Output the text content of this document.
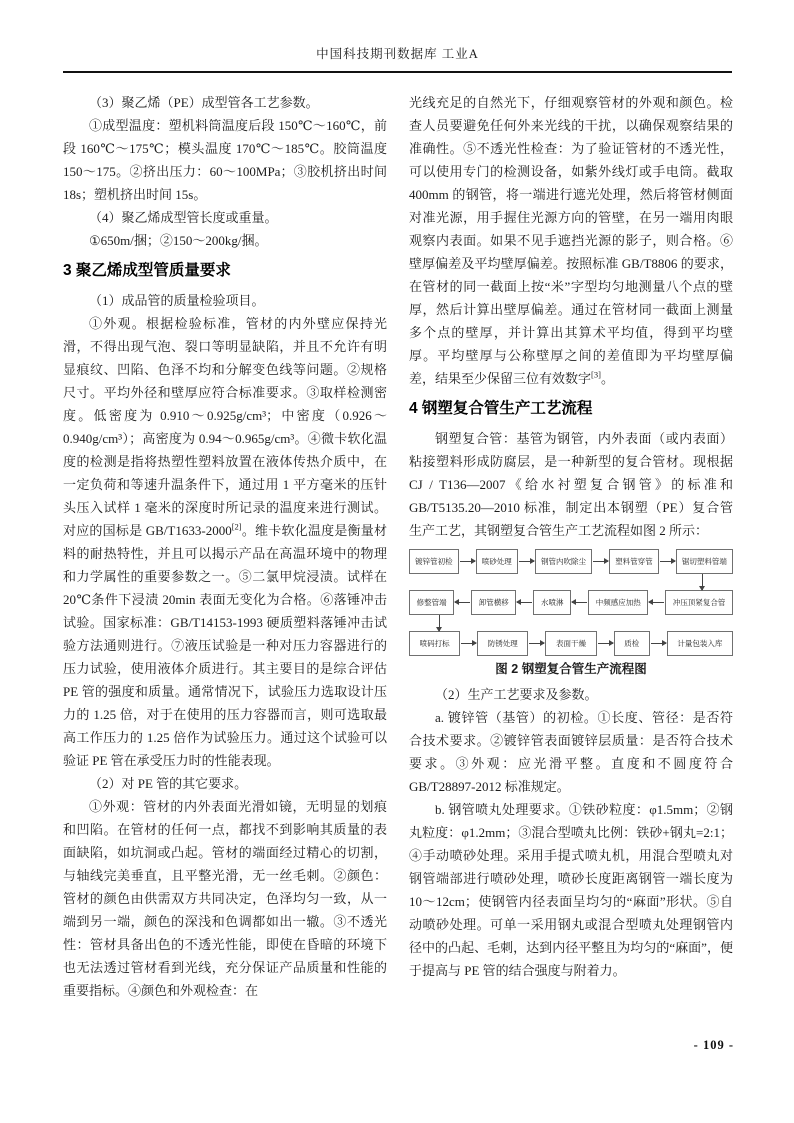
中国科技期刊数据库 工业A

（3）聚乙烯（PE）成型管各工艺参数。

①成型温度：塑机料筒温度后段 150℃～160℃，前段 160℃～175℃；模头温度 170℃～185℃。胶筒温度 150～175。②挤出压力：60～100MPa；③胶机挤出时间 18s；塑机挤出时间 15s。

（4）聚乙烯成型管长度或重量。

①650m/捆；②150～200kg/捆。

3 聚乙烯成型管质量要求

（1）成品管的质量检验项目。

①外观。根据检验标准，管材的内外壁应保持光滑，不得出现气泡、裂口等明显缺陷，并且不允许有明显痕纹、凹陷、色泽不均和分解变色线等问题。②规格尺寸。平均外径和壁厚应符合标准要求。③取样检测密度。低密度为 0.910～0.925g/cm³；中密度（0.926～0.940g/cm³）；高密度为 0.94～0.965g/cm³。④微卡软化温度的检测是指将热塑性塑料放置在液体传热介质中，在一定负荷和等速升温条件下，通过用 1 平方毫米的压针头压入试样 1 毫米的深度时所记录的温度来进行测试。对应的国标是 GB/T1633-2000[2]。维卡软化温度是衡量材料的耐热特性，并且可以揭示产品在高温环境中的物理和力学属性的重要参数之一。⑤二氯甲烷浸渍。试样在 20℃条件下浸渍 20min 表面无变化为合格。⑥落锤冲击试验。国家标准：GB/T14153-1993 硬质塑料落锤冲击试验方法通则进行。⑦液压试验是一种对压力容器进行的压力试验，使用液体介质进行。其主要目的是综合评估 PE 管的强度和质量。通常情况下，试验压力选取设计压力的 1.25 倍，对于在使用的压力容器而言，则可选取最高工作压力的 1.25 倍作为试验压力。通过这个试验可以验证 PE 管在承受压力时的性能表现。

（2）对 PE 管的其它要求。

①外观：管材的内外表面光滑如镜，无明显的划痕和凹陷。在管材的任何一点，都找不到影响其质量的表面缺陷，如坑洞或凸起。管材的端面经过精心的切割，与轴线完美垂直，且平整光滑，无一丝毛刺。②颜色：管材的颜色由供需双方共同决定，色泽均匀一致，从一端到另一端，颜色的深浅和色调都如出一辙。③不透光性：管材具备出色的不透光性能，即使在昏暗的环境下也无法透过管材看到光线，充分保证产品质量和性能的重要指标。④颜色和外观检查：在

光线充足的自然光下，仔细观察管材的外观和颜色。检查人员要避免任何外来光线的干扰，以确保观察结果的准确性。⑤不透光性检查：为了验证管材的不透光性，可以使用专门的检测设备，如紫外线灯或手电筒。截取 400mm 的钢管，将一端进行遮光处理，然后将管材侧面对准光源，用手握住光源方向的管壁，在另一端用肉眼观察内表面。如果不见手遮挡光源的影子，则合格。⑥壁厚偏差及平均壁厚偏差。按照标准 GB/T8806 的要求，在管材的同一截面上按“米”字型均匀地测量八个点的壁厚，然后计算出壁厚偏差。通过在管材同一截面上测量多个点的壁厚，并计算出其算术平均值，得到平均壁厚。平均壁厚与公称壁厚之间的差值即为平均壁厚偏差，结果至少保留三位有效数字[3]。

4 钢塑复合管生产工艺流程

钢塑复合管：基管为钢管，内外表面（或内表面）粘接塑料形成防腐层，是一种新型的复合管材。现根据 CJ / T136—2007《给水衬塑复合钢管》的标准和 GB/T5135.20—2010 标准，制定出本钢塑（PE）复合管生产工艺，其钢塑复合管生产工艺流程如图 2 所示：

镀锌管初检	喷砂处理	钢管内吹除尘	塑料管穿管	锯切塑料管端
修整管端	卸管横移	水喷淋	中频感应加热	冲压顶紧复合管
喷码打标	防锈处理	表面干燥	质检	计量包装入库

图 2 钢塑复合管生产流程图

（2）生产工艺要求及参数。

a. 镀锌管（基管）的初检。①长度、管径：是否符合技术要求。②镀锌管表面镀锌层质量：是否符合技术要求。③外观：应光滑平整。直度和不圆度符合 GB/T28897-2012 标准规定。

b. 钢管喷丸处理要求。①铁砂粒度：φ1.5mm；②钢丸粒度：φ1.2mm；③混合型喷丸比例：铁砂+钢丸=2:1；④手动喷砂处理。采用手提式喷丸机，用混合型喷丸对钢管端部进行喷砂处理，喷砂长度距离钢管一端长度为 10～12cm；使钢管内径表面呈均匀的“麻面”形状。⑤自动喷砂处理。可单一采用钢丸或混合型喷丸处理钢管内径中的凸起、毛刺，达到内径平整且为均匀的“麻面”，便于提高与 PE 管的结合强度与附着力。

- 109 -
